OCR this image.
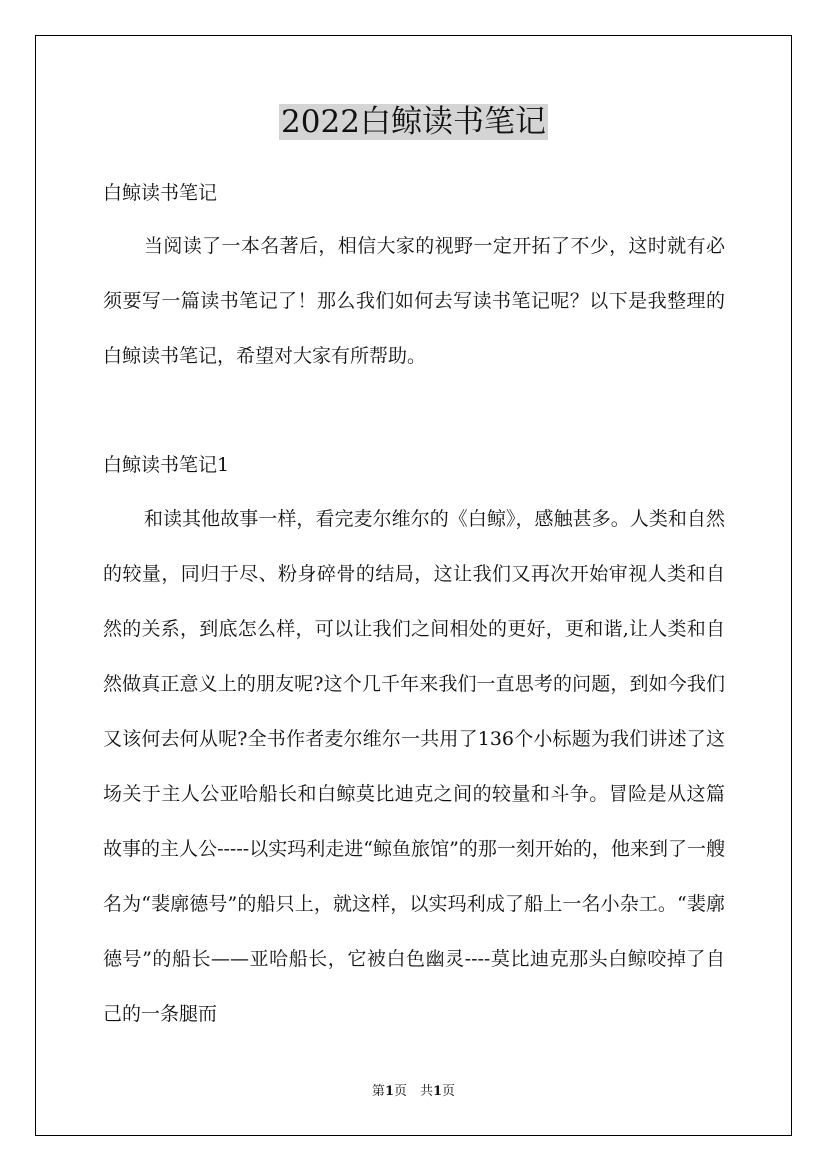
2022白鲸读书笔记
白鲸读书笔记

当阅读了一本名著后，相信大家的视野一定开拓了不少，这时就有必须要写一篇读书笔记了！那么我们如何去写读书笔记呢？以下是我整理的白鲸读书笔记，希望对大家有所帮助。

白鲸读书笔记1

和读其他故事一样，看完麦尔维尔的《白鲸》，感触甚多。人类和自然的较量，同归于尽、粉身碎骨的结局，这让我们又再次开始审视人类和自然的关系，到底怎么样，可以让我们之间相处的更好，更和谐,让人类和自然做真正意义上的朋友呢?这个几千年来我们一直思考的问题，到如今我们又该何去何从呢?全书作者麦尔维尔一共用了136个小标题为我们讲述了这场关于主人公亚哈船长和白鲸莫比迪克之间的较量和斗争。冒险是从这篇故事的主人公-----以实玛利走进“鲸鱼旅馆”的那一刻开始的，他来到了一艘名为“裴廓德号”的船只上，就这样，以实玛利成了船上一名小杂工。“裴廓德号”的船长——亚哈船长，它被白色幽灵----莫比迪克那头白鲸咬掉了自己的一条腿而

第1页　共1页
